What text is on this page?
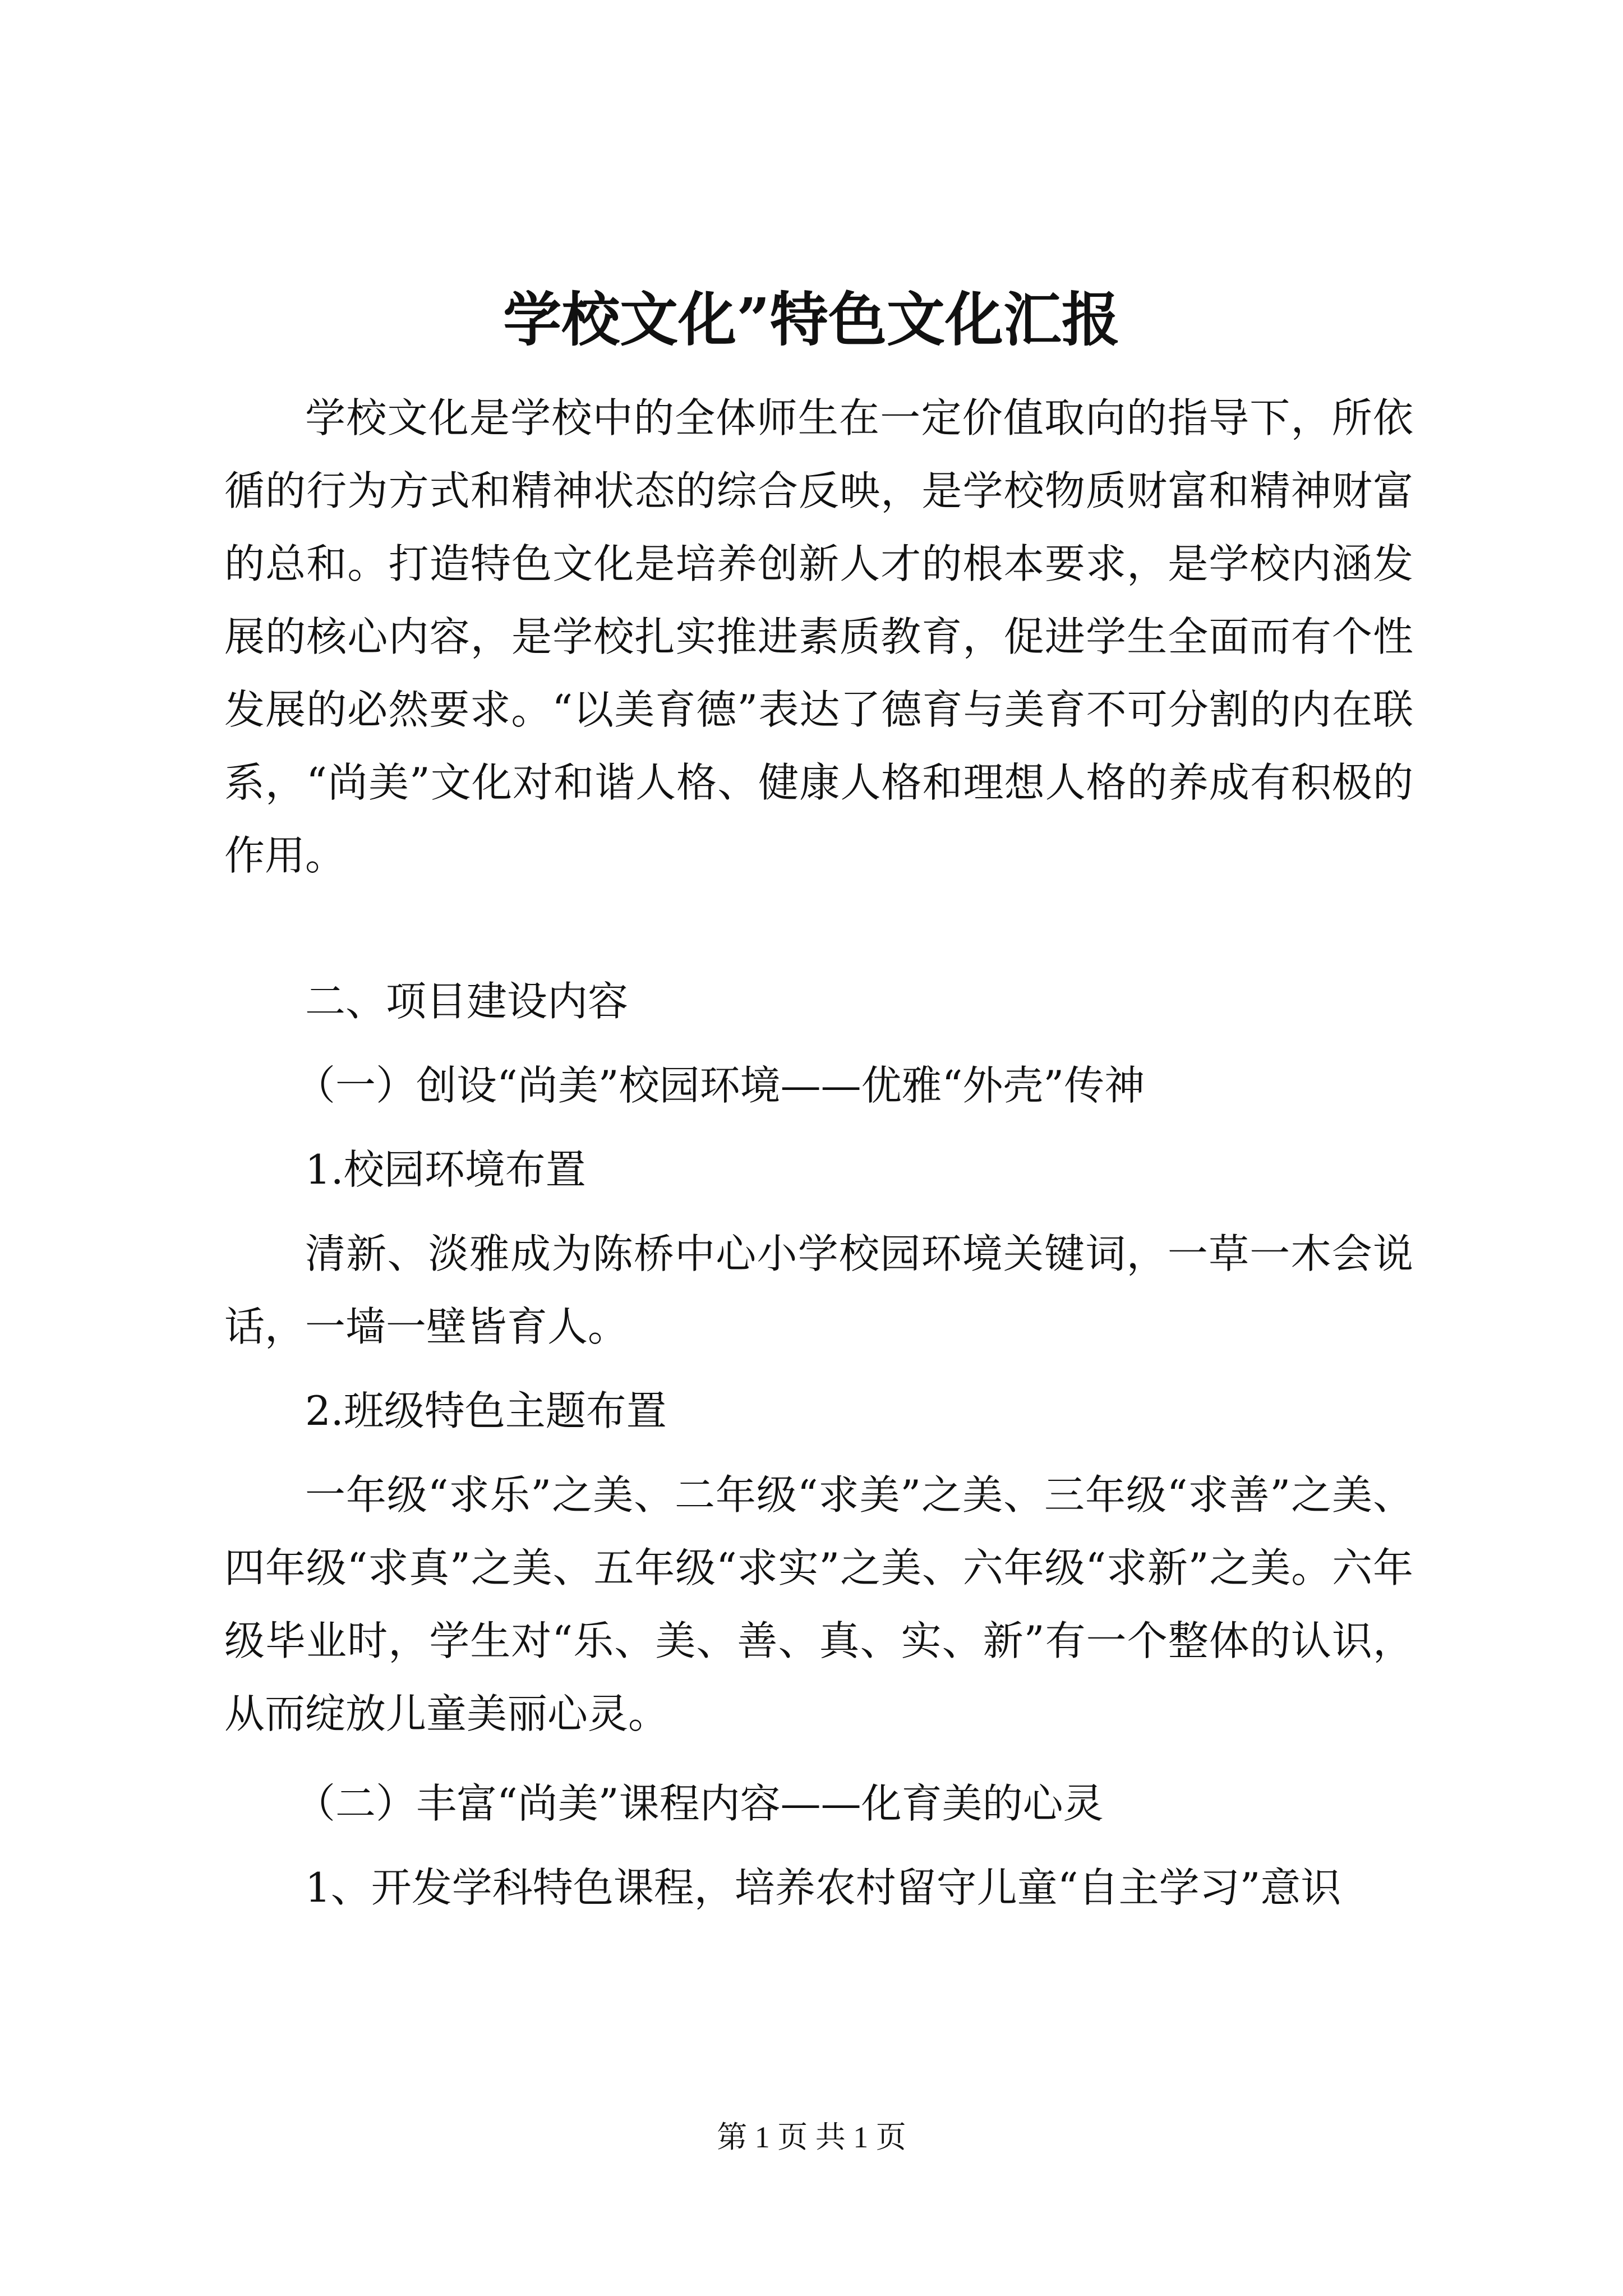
学校文化”特色文化汇报

学校文化是学校中的全体师生在一定价值取向的指导下，所依循的行为方式和精神状态的综合反映，是学校物质财富和精神财富的总和。打造特色文化是培养创新人才的根本要求，是学校内涵发展的核心内容，是学校扎实推进素质教育，促进学生全面而有个性发展的必然要求。“以美育德”表达了德育与美育不可分割的内在联系，“尚美”文化对和谐人格、健康人格和理想人格的养成有积极的作用。

二、项目建设内容

（一）创设“尚美”校园环境——优雅“外壳”传神

1.校园环境布置

清新、淡雅成为陈桥中心小学校园环境关键词，一草一木会说话，一墙一壁皆育人。

2.班级特色主题布置

一年级“求乐”之美、二年级“求美”之美、三年级“求善”之美、四年级“求真”之美、五年级“求实”之美、六年级“求新”之美。六年级毕业时，学生对“乐、美、善、真、实、新”有一个整体的认识，从而绽放儿童美丽心灵。

（二）丰富“尚美”课程内容——化育美的心灵

1、开发学科特色课程，培养农村留守儿童“自主学习”意识

第 1 页 共 1 页
